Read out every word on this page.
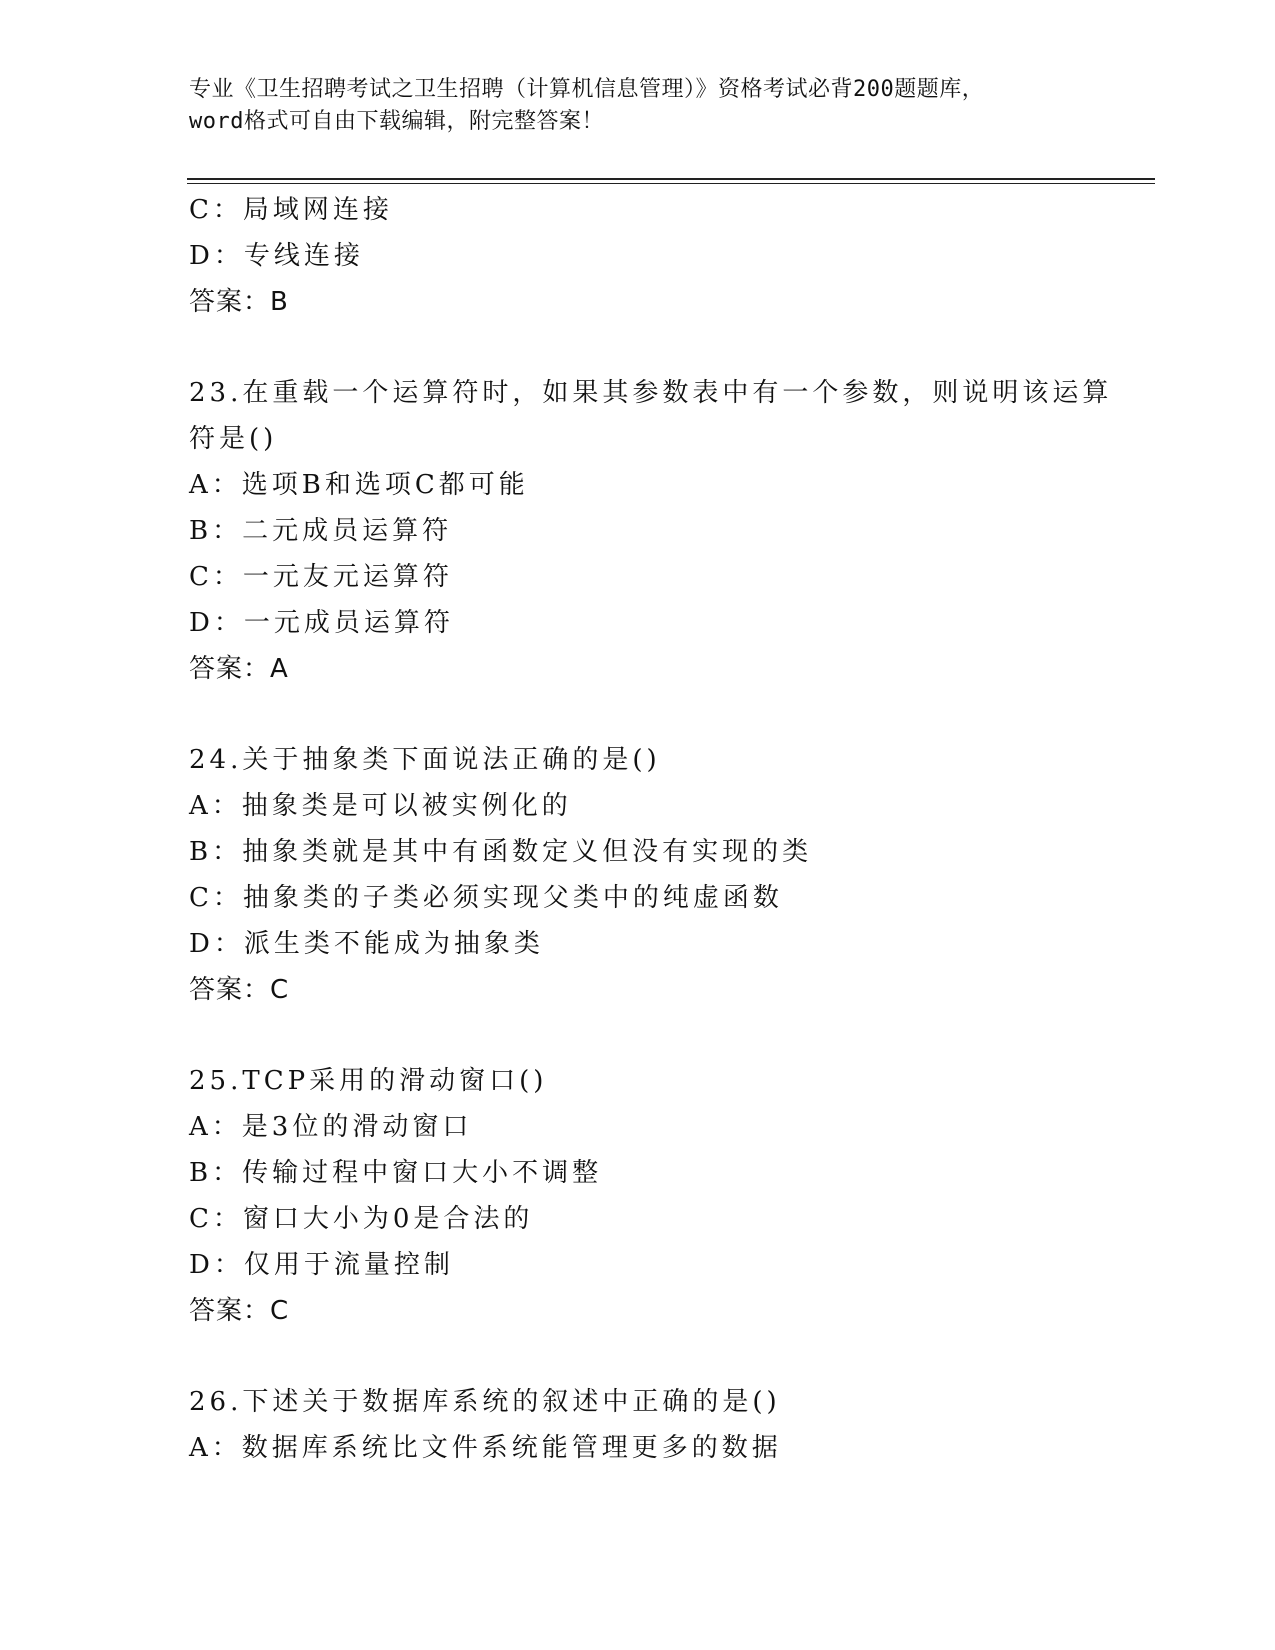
专业《卫生招聘考试之卫生招聘（计算机信息管理）》资格考试必背200题题库，
word格式可自由下载编辑，附完整答案！
C：局域网连接
D：专线连接
答案：B
23.在重载一个运算符时，如果其参数表中有一个参数，则说明该运算
符是()
A：选项B和选项C都可能
B：二元成员运算符
C：一元友元运算符
D：一元成员运算符
答案：A
24.关于抽象类下面说法正确的是()
A：抽象类是可以被实例化的
B：抽象类就是其中有函数定义但没有实现的类
C：抽象类的子类必须实现父类中的纯虚函数
D：派生类不能成为抽象类
答案：C
25.TCP采用的滑动窗口()
A：是3位的滑动窗口
B：传输过程中窗口大小不调整
C：窗口大小为0是合法的
D：仅用于流量控制
答案：C
26.下述关于数据库系统的叙述中正确的是()
A：数据库系统比文件系统能管理更多的数据
